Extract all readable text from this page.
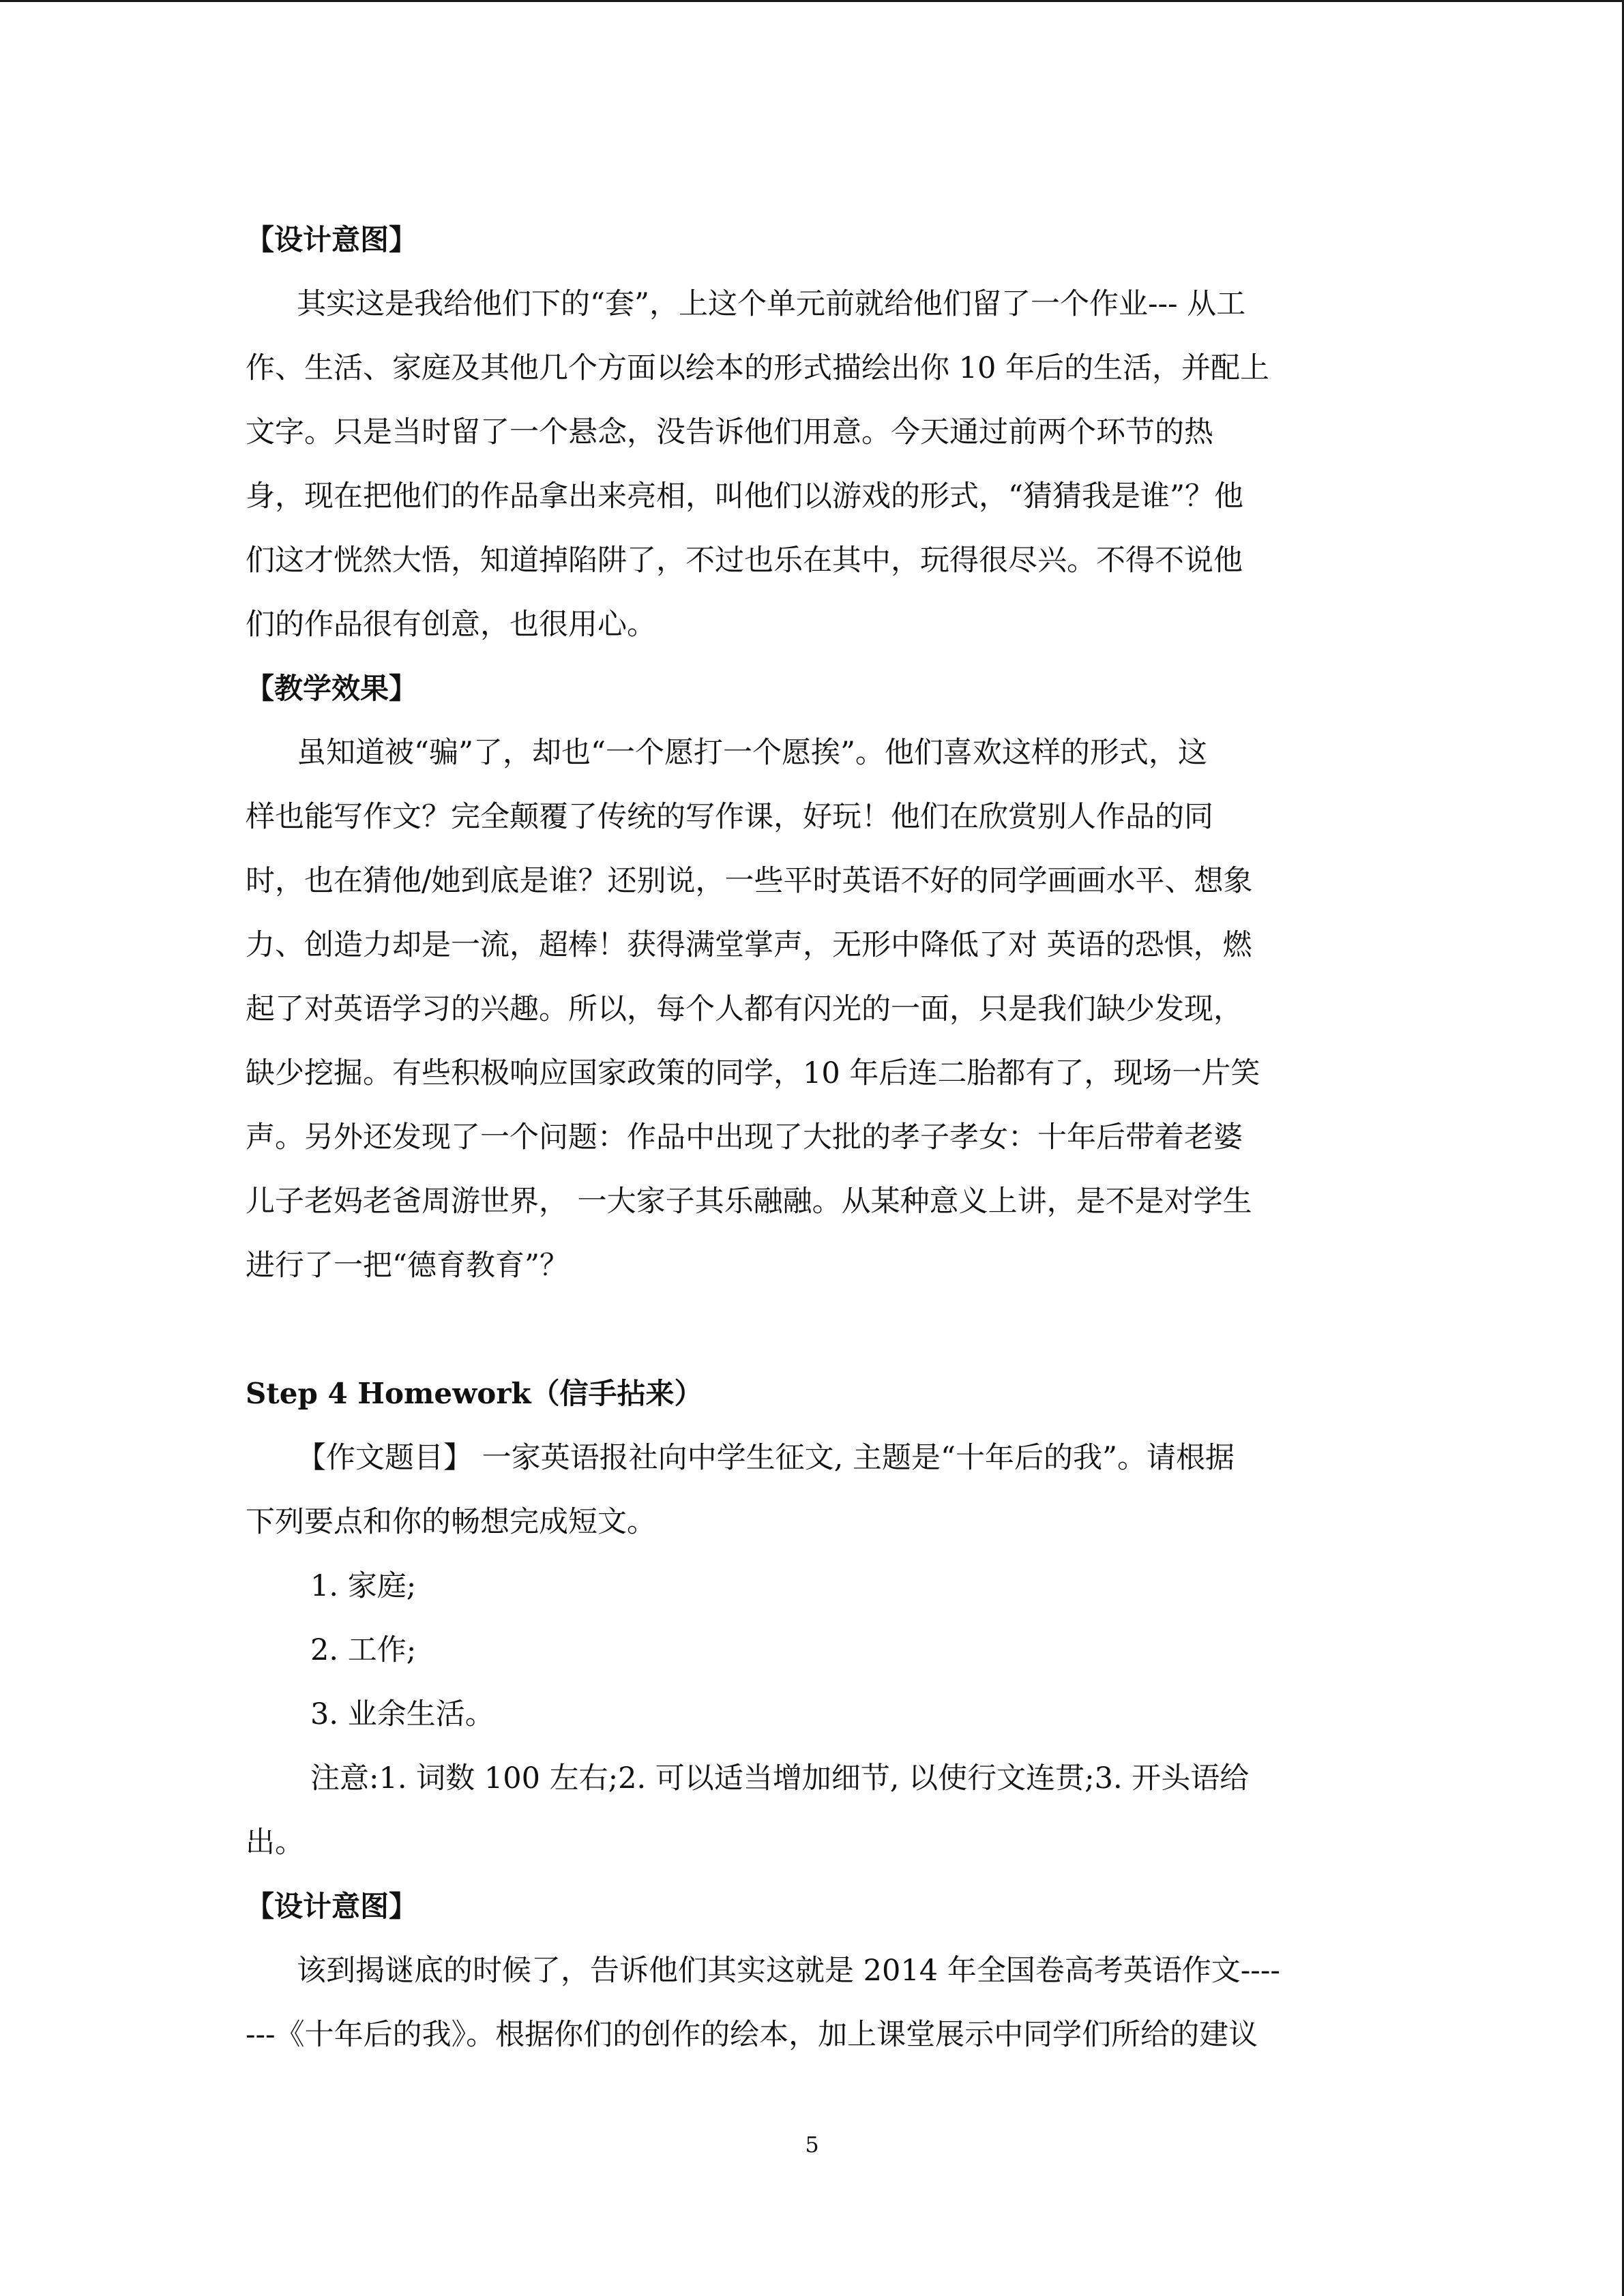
【设计意图】
其实这是我给他们下的“套”，上这个单元前就给他们留了一个作业--- 从工
作、生活、家庭及其他几个方面以绘本的形式描绘出你 10 年后的生活，并配上
文字。只是当时留了一个悬念，没告诉他们用意。今天通过前两个环节的热
身，现在把他们的作品拿出来亮相，叫他们以游戏的形式，“猜猜我是谁”？他
们这才恍然大悟，知道掉陷阱了，不过也乐在其中，玩得很尽兴。不得不说他
们的作品很有创意，也很用心。
【教学效果】
虽知道被“骗”了，却也“一个愿打一个愿挨”。他们喜欢这样的形式，这
样也能写作文？完全颠覆了传统的写作课，好玩！他们在欣赏别人作品的同
时，也在猜他/她到底是谁？还别说，一些平时英语不好的同学画画水平、想象
力、创造力却是一流，超棒！获得满堂掌声，无形中降低了对 英语的恐惧，燃
起了对英语学习的兴趣。所以，每个人都有闪光的一面，只是我们缺少发现，
缺少挖掘。有些积极响应国家政策的同学，10 年后连二胎都有了，现场一片笑
声。另外还发现了一个问题：作品中出现了大批的孝子孝女：十年后带着老婆
儿子老妈老爸周游世界， 一大家子其乐融融。从某种意义上讲，是不是对学生
进行了一把“德育教育”？
Step 4 Homework（信手拈来）
【作文题目】 一家英语报社向中学生征文, 主题是“十年后的我”。请根据
下列要点和你的畅想完成短文。
1. 家庭;
2. 工作;
3. 业余生活。
注意:1. 词数 100 左右;2. 可以适当增加细节, 以使行文连贯;3. 开头语给
出。
【设计意图】
该到揭谜底的时候了，告诉他们其实这就是 2014 年全国卷高考英语作文----
---《十年后的我》。根据你们的创作的绘本，加上课堂展示中同学们所给的建议
5
